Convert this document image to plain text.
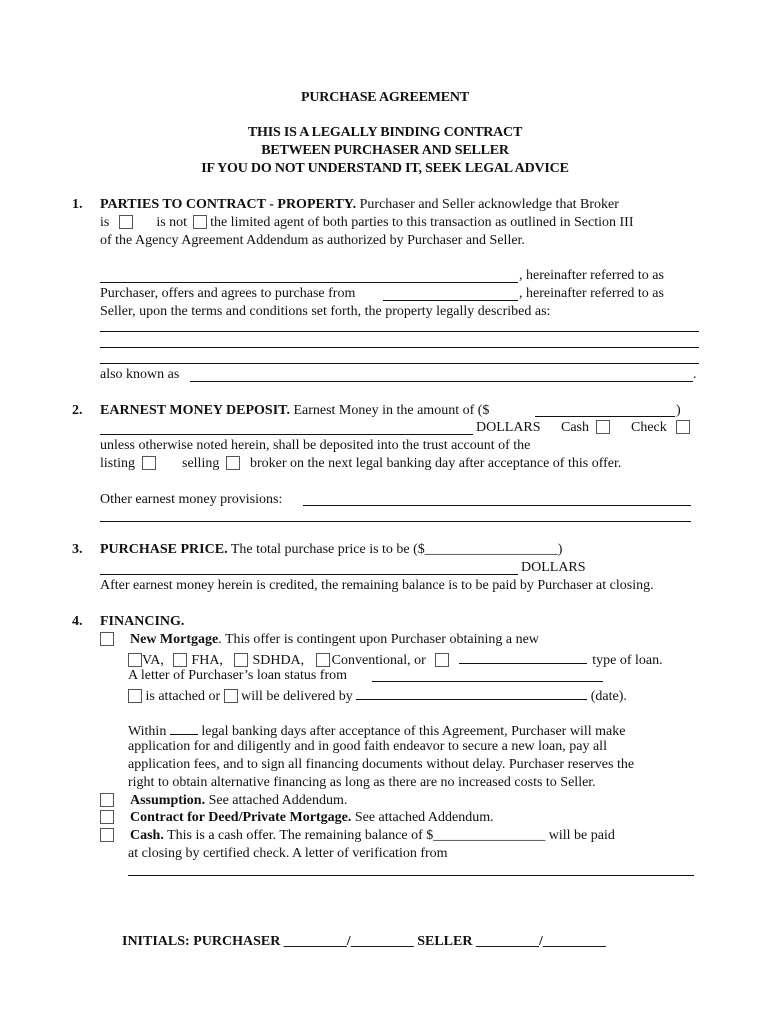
PURCHASE AGREEMENT
THIS IS A LEGALLY BINDING CONTRACT
BETWEEN PURCHASER AND SELLER
IF YOU DO NOT UNDERSTAND IT, SEEK LEGAL ADVICE
1. PARTIES TO CONTRACT - PROPERTY. Purchaser and Seller acknowledge that Broker
is	is not the limited agent of both parties to this transaction as outlined in Section III
of the Agency Agreement Addendum as authorized by Purchaser and Seller.
, hereinafter referred to as
Purchaser, offers and agrees to purchase from	, hereinafter referred to as
Seller, upon the terms and conditions set forth, the property legally described as:
also known as	.
2. EARNEST MONEY DEPOSIT. Earnest Money in the amount of ($	)
DOLLARS Cash	Check
unless otherwise noted herein, shall be deposited into the trust account of the
listing	selling broker on the next legal banking day after acceptance of this offer.
Other earnest money provisions:
3. PURCHASE PRICE. The total purchase price is to be ($___________________)
DOLLARS
After earnest money herein is credited, the remaining balance is to be paid by Purchaser at closing.
4. FINANCING.
New Mortgage. This offer is contingent upon Purchaser obtaining a new
VA, FHA, SDHDA, Conventional, or	type of loan.
A letter of Purchaser’s loan status from
is attached or will be delivered by	(date).
Within	legal banking days after acceptance of this Agreement, Purchaser will make
application for and diligently and in good faith endeavor to secure a new loan, pay all
application fees, and to sign all financing documents without delay. Purchaser reserves the
right to obtain alternative financing as long as there are no increased costs to Seller.
Assumption. See attached Addendum.
Contract for Deed/Private Mortgage. See attached Addendum.
Cash. This is a cash offer. The remaining balance of $________________ will be paid
at closing by certified check. A letter of verification from
INITIALS: PURCHASER _________/_________ SELLER _________/_________
